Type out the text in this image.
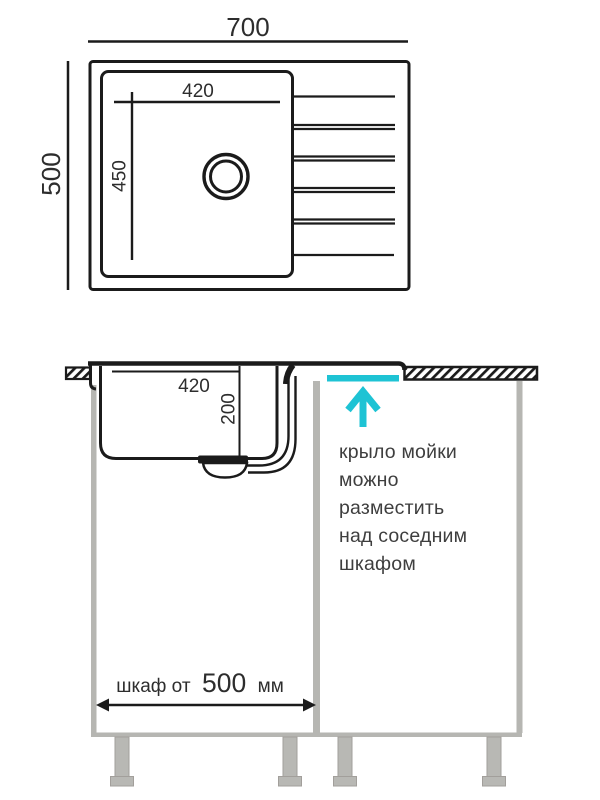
700
500
420
450
420
200
крыло мойки
можно
разместить
над соседним
шкафом
шкаф от 500 мм
